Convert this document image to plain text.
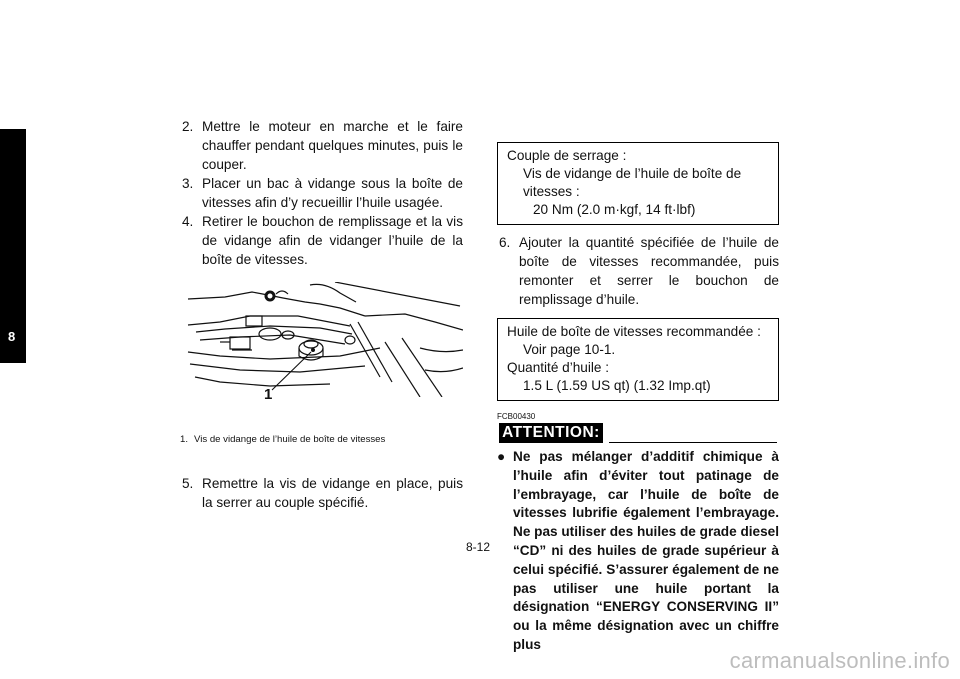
8
2. Mettre le moteur en marche et le faire chauffer pendant quelques minutes, puis le couper.
3. Placer un bac à vidange sous la boîte de vitesses afin d’y recueillir l’huile usagée.
4. Retirer le bouchon de remplissage et la vis de vidange afin de vidanger l’huile de la boîte de vitesses.
1
1. Vis de vidange de l’huile de boîte de vitesses
5. Remettre la vis de vidange en place, puis la serrer au couple spécifié.
Couple de serrage :
Vis de vidange de l’huile de boîte de vitesses :
20 Nm (2.0 m·kgf, 14 ft·lbf)
6. Ajouter la quantité spécifiée de l’huile de boîte de vitesses recommandée, puis remonter et serrer le bouchon de remplissage d’huile.
Huile de boîte de vitesses recommandée :
Voir page 10-1.
Quantité d’huile :
1.5 L (1.59 US qt) (1.32 Imp.qt)
FCB00430
ATTENTION:
● Ne pas mélanger d’additif chimique à l’huile afin d’éviter tout patinage de l’embrayage, car l’huile de boîte de vitesses lubrifie également l’embrayage. Ne pas utiliser des huiles de grade diesel “CD” ni des huiles de grade supérieur à celui spécifié. S’assurer également de ne pas utiliser une huile portant la désignation “ENERGY CONSERVING II” ou la même désignation avec un chiffre plus
8-12
carmanualsonline.info
